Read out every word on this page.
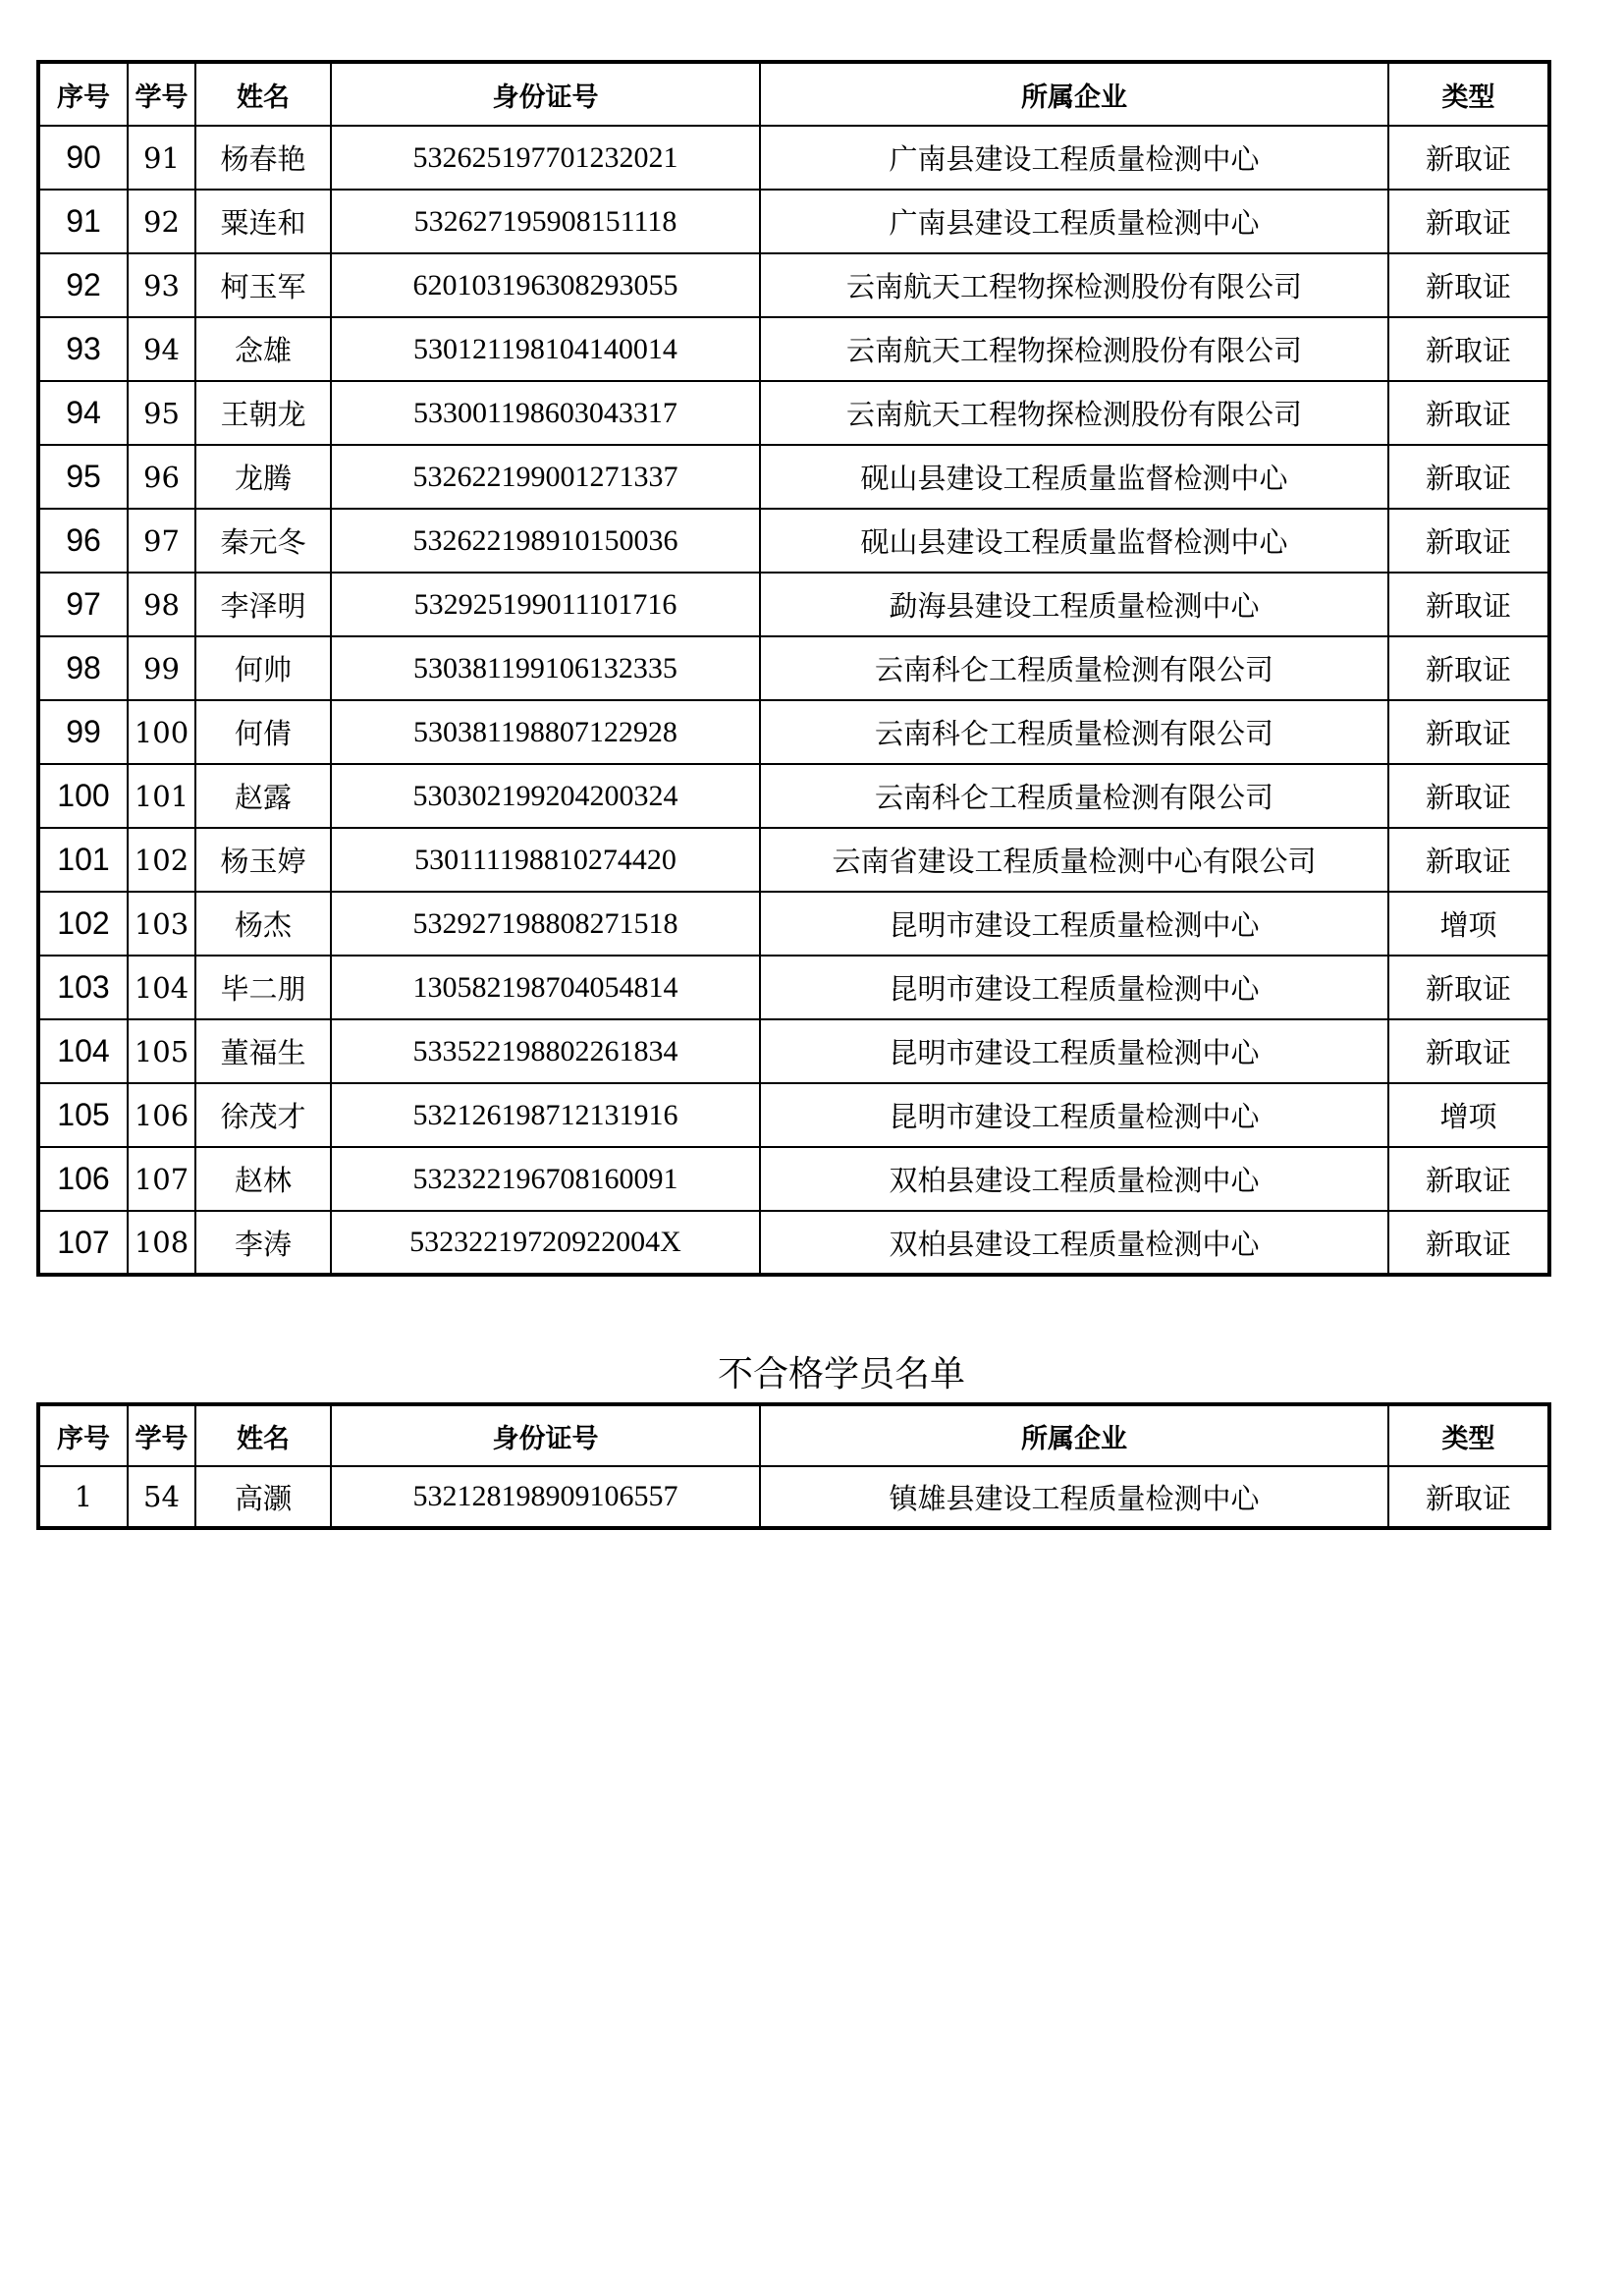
序号	学号	姓名	身份证号	所属企业	类型
90	91	杨春艳	532625197701232021	广南县建设工程质量检测中心	新取证
91	92	粟连和	532627195908151118	广南县建设工程质量检测中心	新取证
92	93	柯玉军	620103196308293055	云南航天工程物探检测股份有限公司	新取证
93	94	念雄	530121198104140014	云南航天工程物探检测股份有限公司	新取证
94	95	王朝龙	533001198603043317	云南航天工程物探检测股份有限公司	新取证
95	96	龙腾	532622199001271337	砚山县建设工程质量监督检测中心	新取证
96	97	秦元冬	532622198910150036	砚山县建设工程质量监督检测中心	新取证
97	98	李泽明	532925199011101716	勐海县建设工程质量检测中心	新取证
98	99	何帅	530381199106132335	云南科仑工程质量检测有限公司	新取证
99	100	何倩	530381198807122928	云南科仑工程质量检测有限公司	新取证
100	101	赵露	530302199204200324	云南科仑工程质量检测有限公司	新取证
101	102	杨玉婷	530111198810274420	云南省建设工程质量检测中心有限公司	新取证
102	103	杨杰	532927198808271518	昆明市建设工程质量检测中心	增项
103	104	毕二朋	130582198704054814	昆明市建设工程质量检测中心	新取证
104	105	董福生	533522198802261834	昆明市建设工程质量检测中心	新取证
105	106	徐茂才	532126198712131916	昆明市建设工程质量检测中心	增项
106	107	赵林	532322196708160091	双柏县建设工程质量检测中心	新取证
107	108	李涛	53232219720922004X	双柏县建设工程质量检测中心	新取证
不合格学员名单
序号	学号	姓名	身份证号	所属企业	类型
1	54	高灏	532128198909106557	镇雄县建设工程质量检测中心	新取证
